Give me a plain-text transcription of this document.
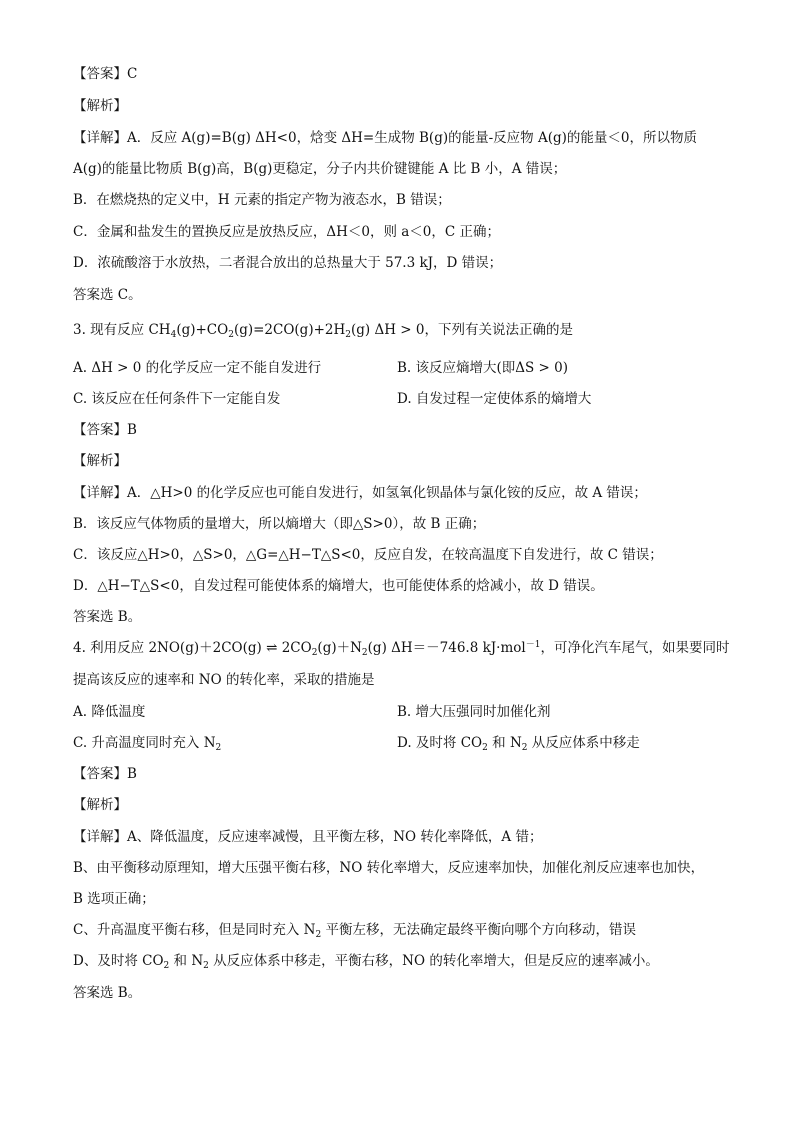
【答案】C
【解析】
【详解】A．反应 A(g)=B(g) ΔH<0，焓变 ΔH=生成物 B(g)的能量-反应物 A(g)的能量＜0，所以物质
A(g)的能量比物质 B(g)高，B(g)更稳定，分子内共价键键能 A 比 B 小，A 错误；
B．在燃烧热的定义中，H 元素的指定产物为液态水，B 错误；
C．金属和盐发生的置换反应是放热反应，ΔH＜0，则 a＜0，C 正确；
D．浓硫酸溶于水放热，二者混合放出的总热量大于 57.3 kJ，D 错误；
答案选 C。
3. 现有反应 $CH_4(g)+CO_2(g)=2CO(g)+2H_2(g) \Delta H > 0$，下列有关说法正确的是
A. ΔH > 0 的化学反应一定不能自发进行	B. 该反应熵增大(即ΔS > 0)
C. 该反应在任何条件下一定能自发	D. 自发过程一定使体系的熵增大
【答案】B
【解析】
【详解】A．△H>0 的化学反应也可能自发进行，如氢氧化钡晶体与氯化铵的反应，故 A 错误；
B．该反应气体物质的量增大，所以熵增大（即△S>0），故 B 正确；
C．该反应△H>0，△S>0，△G=△H−T△S<0，反应自发，在较高温度下自发进行，故 C 错误；
D．△H−T△S<0，自发过程可能使体系的熵增大，也可能使体系的焓减小，故 D 错误。
答案选 B。
4. 利用反应 2NO(g)＋2CO(g) ⇌ $2CO_2(g)+N_2(g)$ ΔH＝－746.8 kJ·mol$^{-1}$，可净化汽车尾气，如果要同时
提高该反应的速率和 NO 的转化率，采取的措施是
A. 降低温度	B. 增大压强同时加催化剂
C. 升高温度同时充入 $N_2$	D. 及时将 $CO_2$ 和 $N_2$ 从反应体系中移走
【答案】B
【解析】
【详解】A、降低温度，反应速率减慢，且平衡左移，NO 转化率降低，A 错；
B、由平衡移动原理知，增大压强平衡右移，NO 转化率增大，反应速率加快，加催化剂反应速率也加快，
B 选项正确；
C、升高温度平衡右移，但是同时充入 $N_2$ 平衡左移，无法确定最终平衡向哪个方向移动，错误
D、及时将 $CO_2$ 和 $N_2$ 从反应体系中移走，平衡右移，NO 的转化率增大，但是反应的速率减小。
答案选 B。
